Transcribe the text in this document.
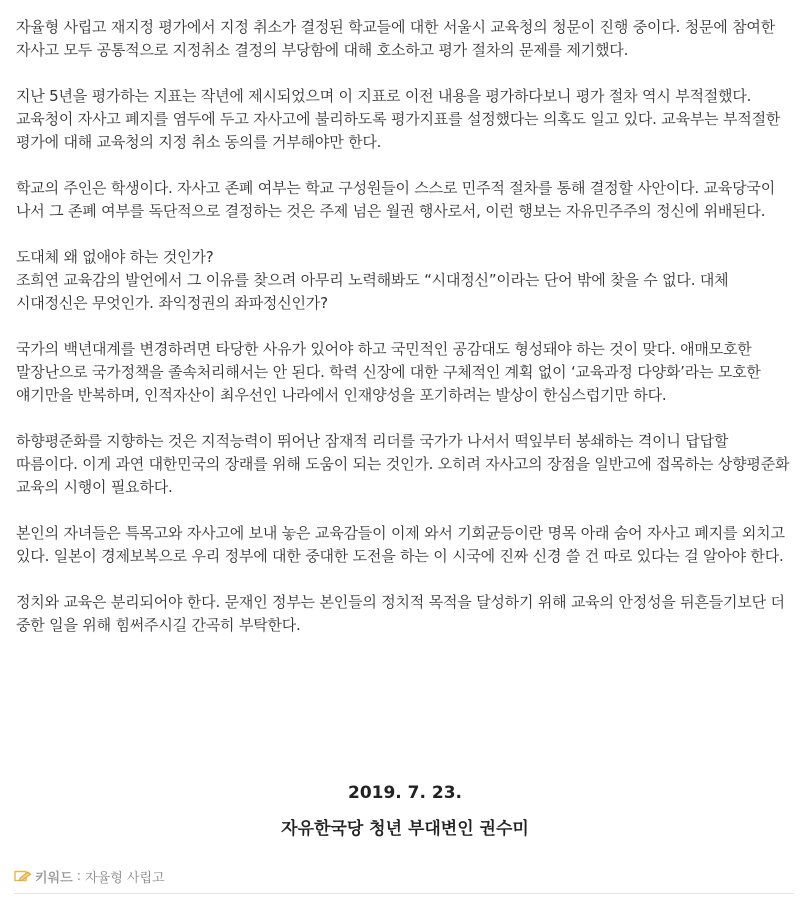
자율형 사립고 재지정 평가에서 지정 취소가 결정된 학교들에 대한 서울시 교육청의 청문이 진행 중이다. 청문에 참여한 자사고 모두 공통적으로 지정취소 결정의 부당함에 대해 호소하고 평가 절차의 문제를 제기했다.

지난 5년을 평가하는 지표는 작년에 제시되었으며 이 지표로 이전 내용을 평가하다보니 평가 절차 역시 부적절했다. 교육청이 자사고 폐지를 염두에 두고 자사고에 불리하도록 평가지표를 설정했다는 의혹도 일고 있다. 교육부는 부적절한 평가에 대해 교육청의 지정 취소 동의를 거부해야만 한다.

학교의 주인은 학생이다. 자사고 존폐 여부는 학교 구성원들이 스스로 민주적 절차를 통해 결정할 사안이다. 교육당국이 나서 그 존폐 여부를 독단적으로 결정하는 것은 주제 넘은 월권 행사로서, 이런 행보는 자유민주주의 정신에 위배된다.

도대체 왜 없애야 하는 것인가?
조희연 교육감의 발언에서 그 이유를 찾으려 아무리 노력해봐도 “시대정신”이라는 단어 밖에 찾을 수 없다. 대체 시대정신은 무엇인가. 좌익정권의 좌파정신인가?

국가의 백년대계를 변경하려면 타당한 사유가 있어야 하고 국민적인 공감대도 형성돼야 하는 것이 맞다. 애매모호한 말장난으로 국가정책을 졸속처리해서는 안 된다. 학력 신장에 대한 구체적인 계획 없이 ‘교육과정 다양화’라는 모호한 얘기만을 반복하며, 인적자산이 최우선인 나라에서 인재양성을 포기하려는 발상이 한심스럽기만 하다.

하향평준화를 지향하는 것은 지적능력이 뛰어난 잠재적 리더를 국가가 나서서 떡잎부터 봉쇄하는 격이니 답답할 따름이다. 이게 과연 대한민국의 장래를 위해 도움이 되는 것인가. 오히려 자사고의 장점을 일반고에 접목하는 상향평준화 교육의 시행이 필요하다.

본인의 자녀들은 특목고와 자사고에 보내 놓은 교육감들이 이제 와서 기회균등이란 명목 아래 숨어 자사고 폐지를 외치고 있다. 일본이 경제보복으로 우리 정부에 대한 중대한 도전을 하는 이 시국에 진짜 신경 쓸 건 따로 있다는 걸 알아야 한다.

정치와 교육은 분리되어야 한다. 문재인 정부는 본인들의 정치적 목적을 달성하기 위해 교육의 안정성을 뒤흔들기보단 더 중한 일을 위해 힘써주시길 간곡히 부탁한다.

2019. 7. 23.
자유한국당 청년 부대변인 권수미
키워드 : 자율형 사립고
